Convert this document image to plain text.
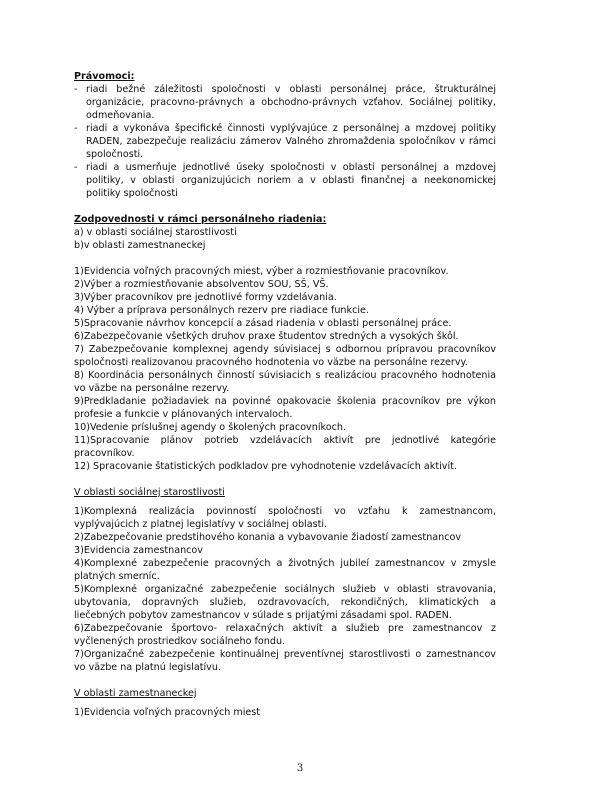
Právomoci:
- riadi bežné záležitosti spoločnosti v oblasti personálnej práce, štrukturálnej organizácie, pracovno-právnych a obchodno-právnych vzťahov. Sociálnej politiky, odmeňovania.
- riadi a vykonáva špecifické činnosti vyplývajúce z personálnej a mzdovej politiky RADEN, zabezpečuje realizáciu zámerov Valného zhromaždenia spoločníkov v rámci spoločnosti.
- riadi a usmerňuje jednotlivé úseky spoločnosti v oblasti personálnej a mzdovej politiky, v oblasti organizujúcich noriem a v oblasti finančnej a neekonomickej politiky spoločnosti
Zodpovednosti v rámci personálneho riadenia:

a) v oblasti sociálnej starostlivosti

b)v oblasti zamestnaneckej

1)Evidencia voľných pracovných miest, výber a rozmiestňovanie pracovníkov.

2)Výber a rozmiestňovanie absolventov SOU, SŠ, VŠ.

3)Výber pracovníkov pre jednotlivé formy vzdelávania.

4) Výber a príprava personálnych rezerv pre riadiace funkcie.

5)Spracovanie návrhov koncepcií a zásad riadenia v oblasti personálnej práce.

6)Zabezpečovanie všetkých druhov praxe študentov stredných a vysokých škôl.

7) Zabezpečovanie komplexnej agendy súvisiacej s odbornou prípravou pracovníkov spoločnosti realizovanou pracovného hodnotenia vo väzbe na personálne rezervy.

8) Koordinácia personálnych činností súvisiacich s realizáciou pracovného hodnotenia vo väzbe na personálne rezervy.

9)Predkladanie požiadaviek na povinné opakovacie školenia pracovníkov pre výkon profesie a funkcie v plánovaných intervaloch.

10)Vedenie príslušnej agendy o školených pracovníkoch.

11)Spracovanie plánov potrieb vzdelávacích aktivít pre jednotlivé kategórie pracovníkov.

12) Spracovanie štatistických podkladov pre vyhodnotenie vzdelávacích aktivít.

V oblasti sociálnej starostlivosti

1)Komplexná realizácia povinností spoločnosti vo vzťahu k zamestnancom, vyplývajúcich z platnej legislatívy v sociálnej oblasti.

2)Zabezpečovanie predstihového konania a vybavovanie žiadostí zamestnancov

3)Evidencia zamestnancov

4)Komplexné zabezpečenie pracovných a životných jubileí zamestnancov v zmysle platných smerníc.

5)Komplexné organizačné zabezpečenie sociálnych služieb v oblasti stravovania, ubytovania, dopravných služieb, ozdravovacích, rekondičných, klimatických a liečebných pobytov zamestnancov v súlade s prijatými zásadami spol. RADEN.

6)Zabezpečovanie športovo- relaxačných aktivít a služieb pre zamestnancov z vyčlenených prostriedkov sociálneho fondu.

7)Organizačné zabezpečenie kontinuálnej preventívnej starostlivosti o zamestnancov vo väzbe na platnú legislatívu.

V oblasti zamestnaneckej

1)Evidencia voľných pracovných miest

3
